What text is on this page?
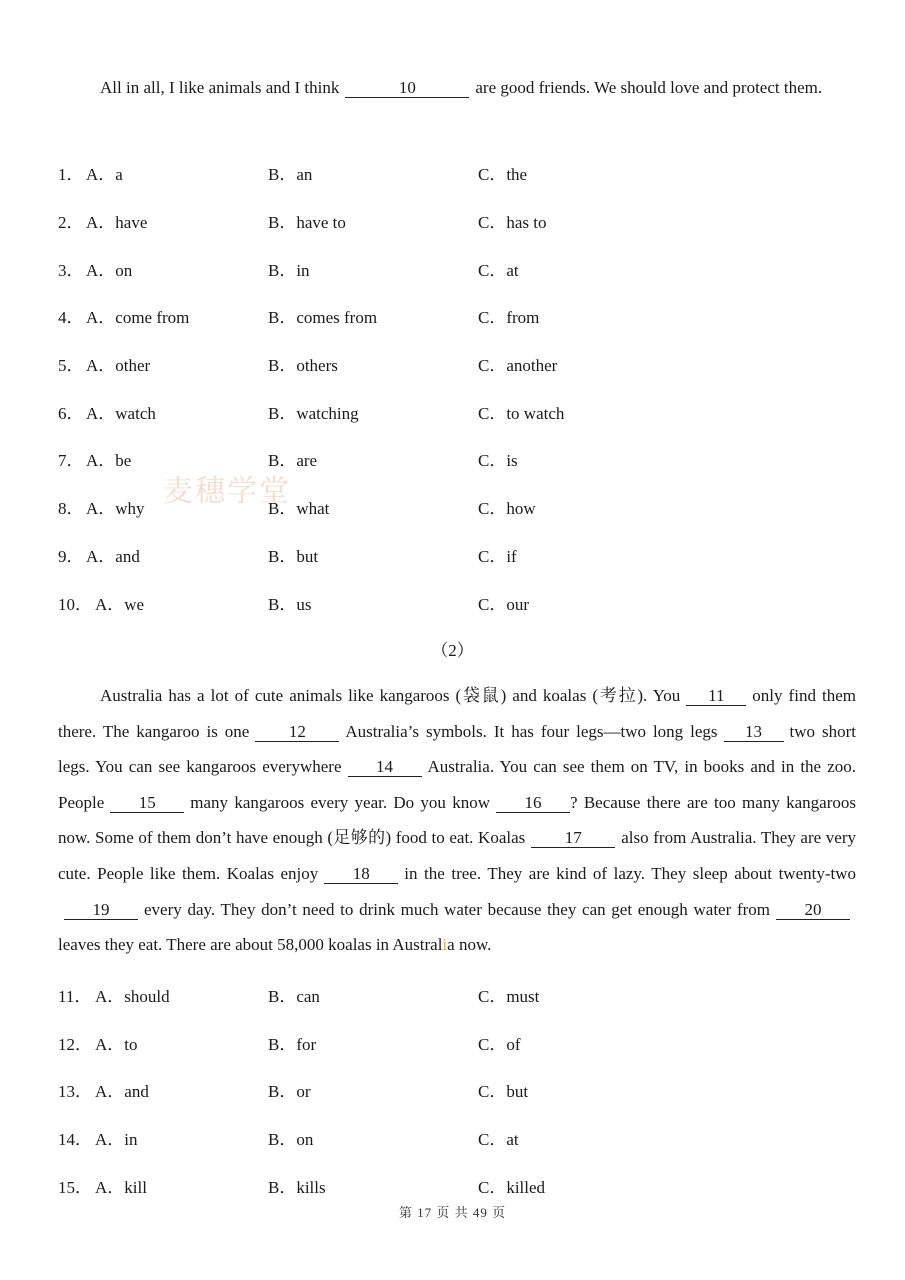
All in all, I like animals and I think	10	are good friends. We should love and protect them.

1． A．a	B．an	C．the
2． A．have	B．have to	C．has to
3． A．on	B．in	C．at
4． A．come from	B．comes from	C．from
5． A．other	B．others	C．another
6． A．watch	B．watching	C．to watch
7． A．be	B．are	C．is
8． A．why	B．what	C．how
9． A．and	B．but	C．if
10． A．we	B．us	C．our
（2）

Australia has a lot of cute animals like kangaroos (袋鼠) and koalas (考拉). You 11 only find them there. The kangaroo is one 12 Australia’s symbols. It has four legs—two long legs 13 two short legs. You can see kangaroos everywhere 14 Australia. You can see them on TV, in books and in the zoo. People 15 many kangaroos every year. Do you know 16 ? Because there are too many kangaroos now. Some of them don’t have enough (足够的) food to eat. Koalas 17 also from Australia. They are very cute. People like them. Koalas enjoy 18 in the tree. They are kind of lazy. They sleep about twenty-two19 every day. They don’t need to drink much water because they can get enough water from 20leaves they eat. There are about 58,000 koalas in Australia now.

11． A．should	B．can	C．must
12． A．to	B．for	C．of
13． A．and	B．or	C．but
14． A．in	B．on	C．at
15． A．kill	B．kills	C．killed
麦穗学堂
第 17 页 共 49 页
